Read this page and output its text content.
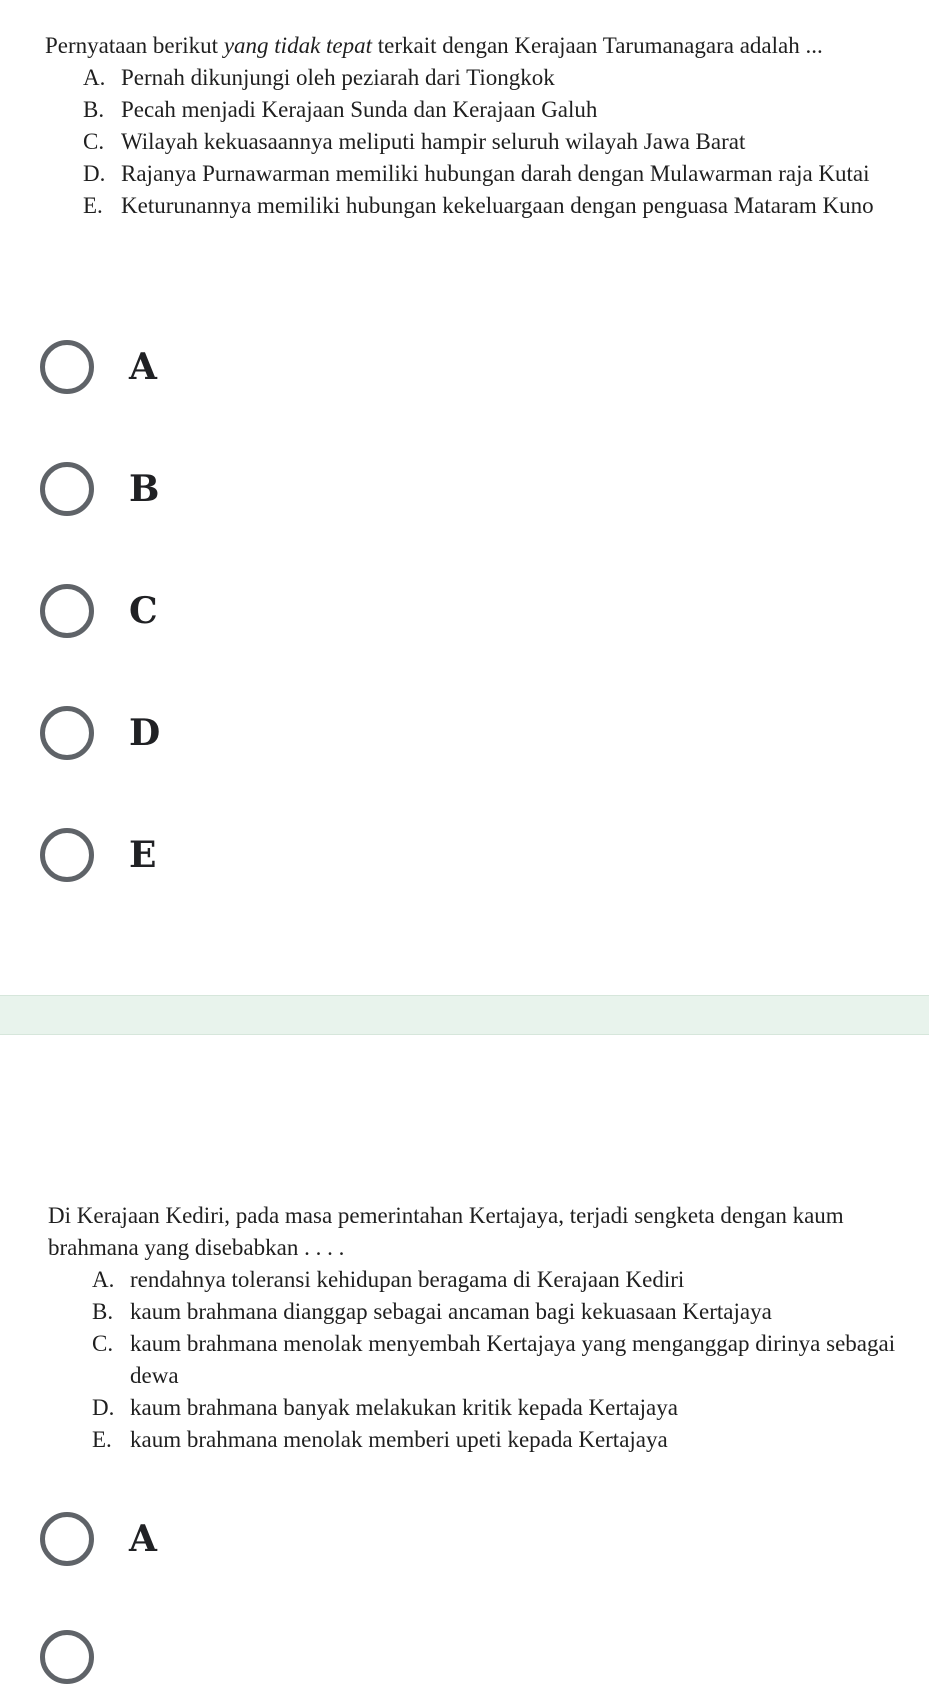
Pernyataan berikut yang tidak tepat terkait dengan Kerajaan Tarumanagara adalah ...
A. Pernah dikunjungi oleh peziarah dari Tiongkok
B. Pecah menjadi Kerajaan Sunda dan Kerajaan Galuh
C. Wilayah kekuasaannya meliputi hampir seluruh wilayah Jawa Barat
D. Rajanya Purnawarman memiliki hubungan darah dengan Mulawarman raja Kutai
E. Keturunannya memiliki hubungan kekeluargaan dengan penguasa Mataram Kuno
A
B
C
D
E
Di Kerajaan Kediri, pada masa pemerintahan Kertajaya, terjadi sengketa dengan kaum brahmana yang disebabkan . . . .
A. rendahnya toleransi kehidupan beragama di Kerajaan Kediri
B. kaum brahmana dianggap sebagai ancaman bagi kekuasaan Kertajaya
C. kaum brahmana menolak menyembah Kertajaya yang menganggap dirinya sebagai dewa
D. kaum brahmana banyak melakukan kritik kepada Kertajaya
E. kaum brahmana menolak memberi upeti kepada Kertajaya
A
